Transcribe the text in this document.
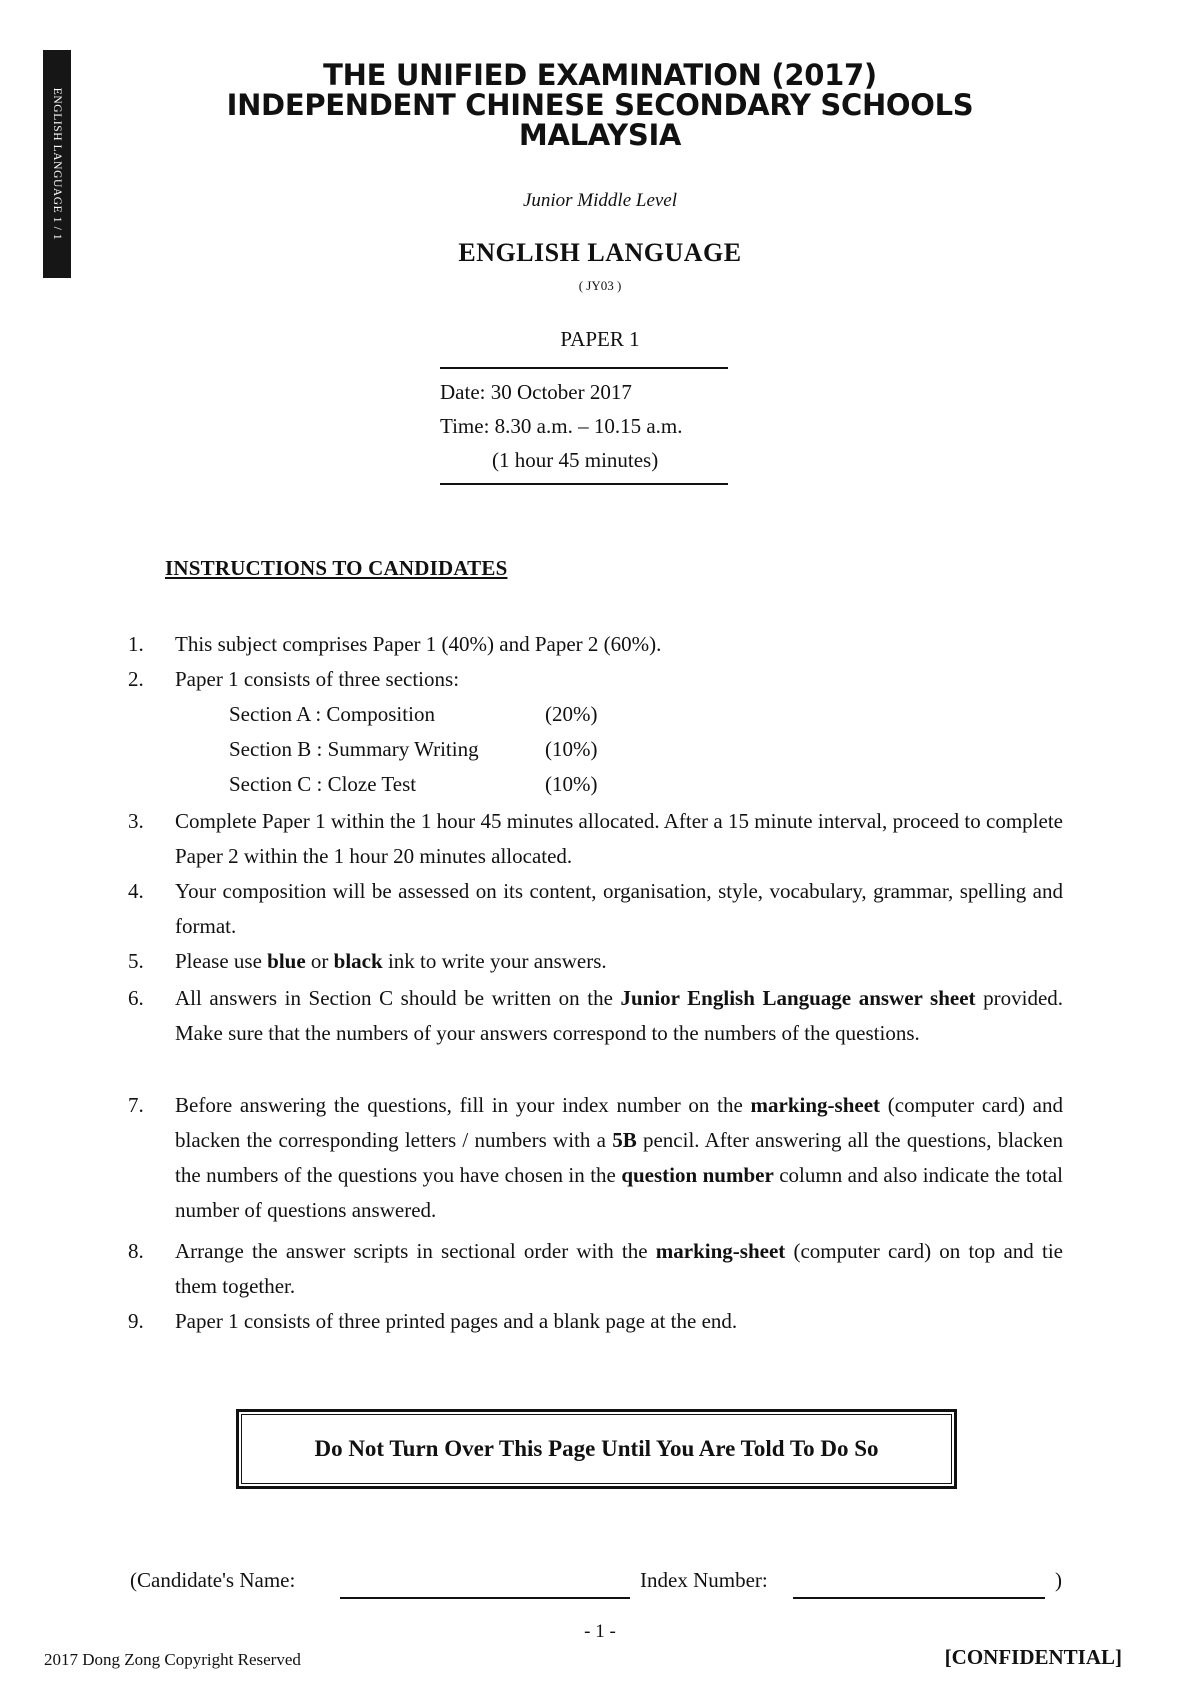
ENGLISH LANGUAGE 1 / 1
THE UNIFIED EXAMINATION (2017)
INDEPENDENT CHINESE SECONDARY SCHOOLS
MALAYSIA
Junior Middle Level
ENGLISH LANGUAGE
( JY03 )
PAPER 1
Date: 30 October 2017
Time: 8.30 a.m. – 10.15 a.m.
(1 hour 45 minutes)
INSTRUCTIONS TO CANDIDATES
1.	This subject comprises Paper 1 (40%) and Paper 2 (60%).
2.	Paper 1 consists of three sections:
Section A : Composition	(20%)
Section B : Summary Writing	(10%)
Section C : Cloze Test	(10%)
3.	Complete Paper 1 within the 1 hour 45 minutes allocated. After a 15 minute interval, proceed to complete Paper 2 within the 1 hour 20 minutes allocated.
4.	Your composition will be assessed on its content, organisation, style, vocabulary, grammar, spelling and format.
5.	Please use blue or black ink to write your answers.
6.	All answers in Section C should be written on the Junior English Language answer sheet provided. Make sure that the numbers of your answers correspond to the numbers of the questions.
7.	Before answering the questions, fill in your index number on the marking-sheet (computer card) and blacken the corresponding letters / numbers with a 5B pencil. After answering all the questions, blacken the numbers of the questions you have chosen in the question number column and also indicate the total number of questions answered.
8.	Arrange the answer scripts in sectional order with the marking-sheet (computer card) on top and tie them together.
9.	Paper 1 consists of three printed pages and a blank page at the end.
Do Not Turn Over This Page Until You Are Told To Do So
(Candidate's Name:	Index Number:	)
- 1 -
2017 Dong Zong Copyright Reserved	[CONFIDENTIAL]
